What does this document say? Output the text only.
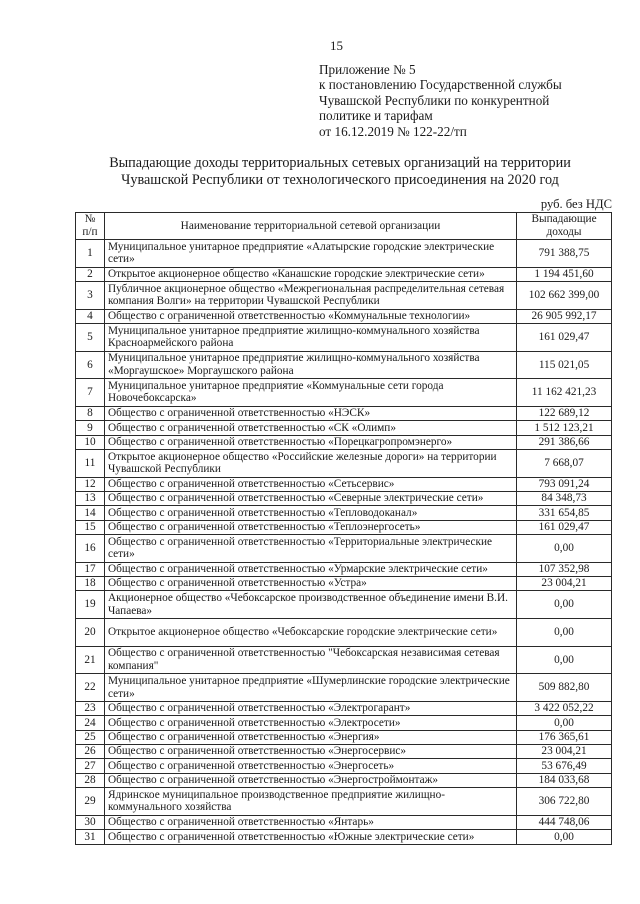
15
Приложение № 5
к постановлению Государственной службы
Чувашской Республики по конкурентной
политике и тарифам
от 16.12.2019 № 122-22/тп
Выпадающие доходы территориальных сетевых организаций на территории
Чувашской Республики от технологического присоединения на 2020 год
руб. без НДС
№
п/п
	Наименование территориальной сетевой организации	
Выпадающие
доходы

1	Муниципальное унитарное предприятие «Алатырские городские электрические сети»	791 388,75
2	Открытое акционерное общество «Канашские городские электрические сети»	1 194 451,60
3	Публичное акционерное общество «Межрегиональная распределительная сетевая компания Волги» на территории Чувашской Республики	102 662 399,00
4	Общество с ограниченной ответственностью «Коммунальные технологии»	26 905 992,17
5	Муниципальное унитарное предприятие жилищно-коммунального хозяйства Красноармейского района	161 029,47
6	Муниципальное унитарное предприятие жилищно-коммунального хозяйства «Моргаушское» Моргаушского района	115 021,05
7	Муниципальное унитарное предприятие «Коммунальные сети города Новочебоксарска»	11 162 421,23
8	Общество с ограниченной ответственностью «НЭСК»	122 689,12
9	Общество с ограниченной ответственностью «СК «Олимп»	1 512 123,21
10	Общество с ограниченной ответственностью «Порецкагропромэнерго»	291 386,66
11	Открытое акционерное общество «Российские железные дороги» на территории Чувашской Республики	7 668,07
12	Общество с ограниченной ответственностью «Сетьсервис»	793 091,24
13	Общество с ограниченной ответственностью «Северные электрические сети»	84 348,73
14	Общество с ограниченной ответственностью «Тепловодоканал»	331 654,85
15	Общество с ограниченной ответственностью «Теплоэнергосеть»	161 029,47
16	Общество с ограниченной ответственностью «Территориальные электрические сети»	0,00
17	Общество с ограниченной ответственностью «Урмарские электрические сети»	107 352,98
18	Общество с ограниченной ответственностью «Устра»	23 004,21
19	Акционерное общество «Чебоксарское производственное объединение имени В.И. Чапаева»	0,00
20	Открытое акционерное общество «Чебоксарские городские электрические сети»	0,00
21	Общество с ограниченной ответственностью "Чебоксарская независимая сетевая компания"	0,00
22	Муниципальное унитарное предприятие «Шумерлинские городские электрические сети»	509 882,80
23	Общество с ограниченной ответственностью «Электрогарант»	3 422 052,22
24	Общество с ограниченной ответственностью «Электросети»	0,00
25	Общество с ограниченной ответственностью «Энергия»	176 365,61
26	Общество с ограниченной ответственностью «Энергосервис»	23 004,21
27	Общество с ограниченной ответственностью «Энергосеть»	53 676,49
28	Общество с ограниченной ответственностью «Энергостроймонтаж»	184 033,68
29	Ядринское муниципальное производственное предприятие жилищно-коммунального хозяйства	306 722,80
30	Общество с ограниченной ответственностью «Янтарь»	444 748,06
31	Общество с ограниченной ответственностью «Южные электрические сети»	0,00
